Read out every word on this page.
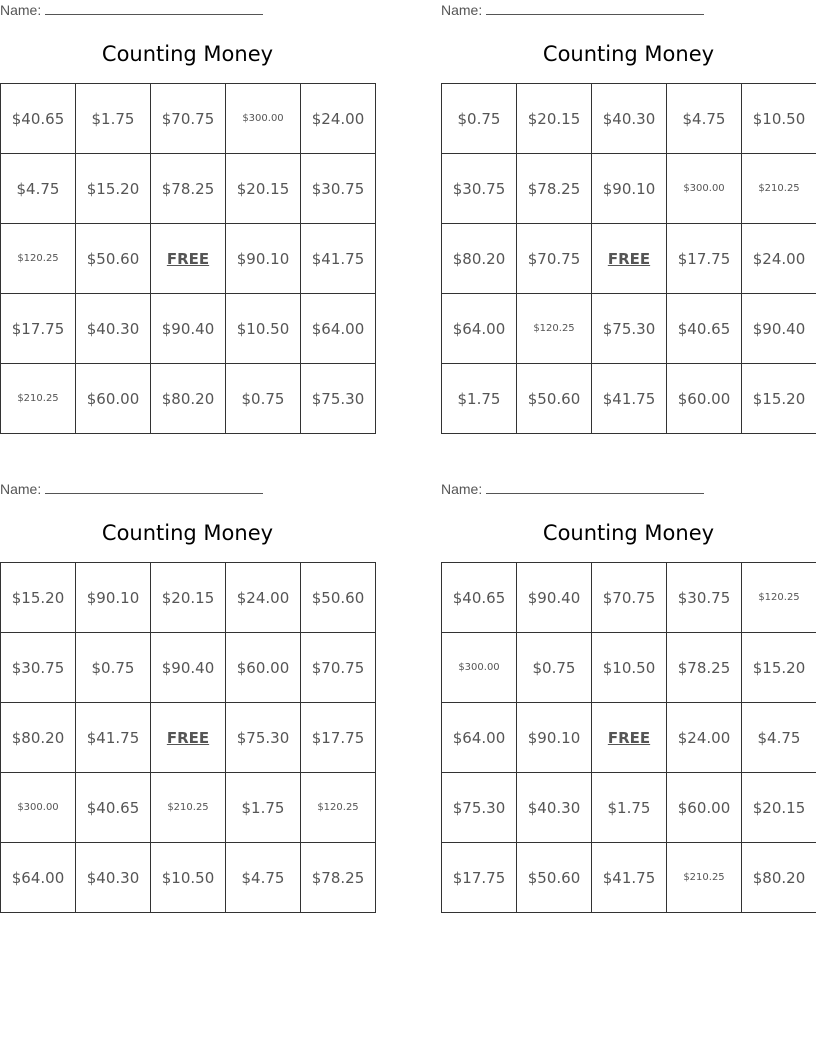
Name:
Counting Money
$40.65	$1.75	$70.75	$300.00	$24.00
$4.75	$15.20	$78.25	$20.15	$30.75
$120.25	$50.60	FREE	$90.10	$41.75
$17.75	$40.30	$90.40	$10.50	$64.00
$210.25	$60.00	$80.20	$0.75	$75.30
Name:
Counting Money
$0.75	$20.15	$40.30	$4.75	$10.50
$30.75	$78.25	$90.10	$300.00	$210.25
$80.20	$70.75	FREE	$17.75	$24.00
$64.00	$120.25	$75.30	$40.65	$90.40
$1.75	$50.60	$41.75	$60.00	$15.20
Name:
Counting Money
$15.20	$90.10	$20.15	$24.00	$50.60
$30.75	$0.75	$90.40	$60.00	$70.75
$80.20	$41.75	FREE	$75.30	$17.75
$300.00	$40.65	$210.25	$1.75	$120.25
$64.00	$40.30	$10.50	$4.75	$78.25
Name:
Counting Money
$40.65	$90.40	$70.75	$30.75	$120.25
$300.00	$0.75	$10.50	$78.25	$15.20
$64.00	$90.10	FREE	$24.00	$4.75
$75.30	$40.30	$1.75	$60.00	$20.15
$17.75	$50.60	$41.75	$210.25	$80.20
